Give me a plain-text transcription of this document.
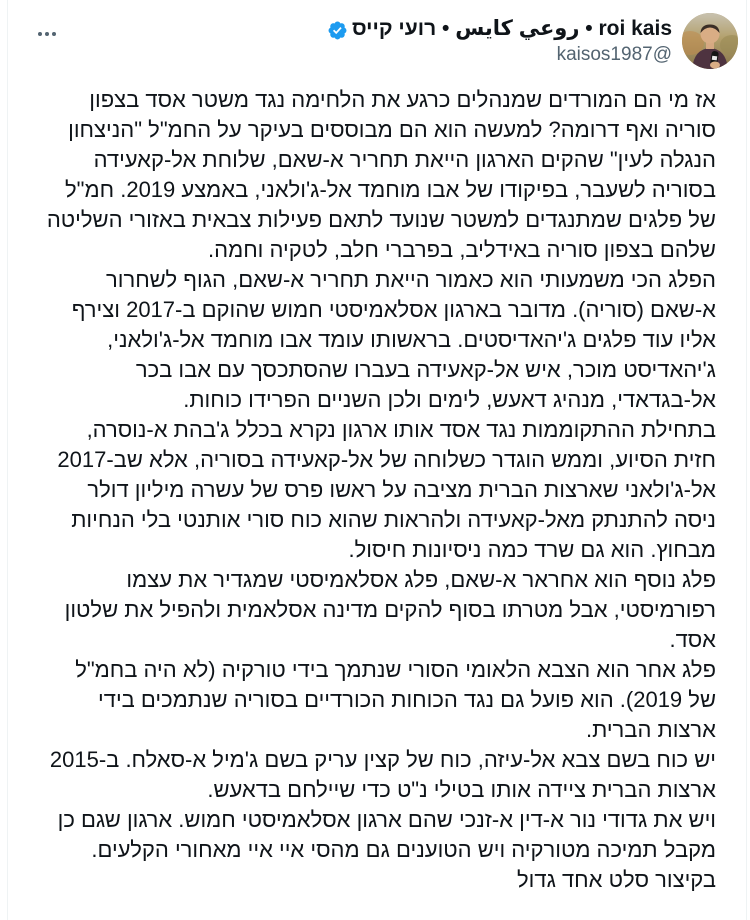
roi kais • روعي كايس • רועי קייס
@kaisos1987
אז מי הם המורדים שמנהלים כרגע את הלחימה נגד משטר אסד בצפון סוריה ואף דרומה? למעשה הוא הם מבוססים בעיקר על החמ"ל "הניצחון הנגלה לעין" שהקים הארגון הייאת תחריר א-שאם, שלוחת אל-קאעידה בסוריה לשעבר, בפיקודו של אבו מוחמד אל-ג'ולאני, באמצע 2019. חמ"ל של פלגים שמתנגדים למשטר שנועד לתאם פעילות צבאית באזורי השליטה שלהם בצפון סוריה באידליב, בפרברי חלב, לטקיה וחמה.
הפלג הכי משמעותי הוא כאמור הייאת תחריר א-שאם, הגוף לשחרור א-שאם (סוריה). מדובר בארגון אסלאמיסטי חמוש שהוקם ב-2017 וצירף אליו עוד פלגים ג'יהאדיסטים. בראשותו עומד אבו מוחמד אל-ג'ולאני, ג'יהאדיסט מוכר, איש אל-קאעידה בעברו שהסתכסך עם אבו בכר אל-בגדאדי, מנהיג דאעש, לימים ולכן השניים הפרידו כוחות.
בתחילת ההתקוממות נגד אסד אותו ארגון נקרא בכלל ג'בהת א-נוסרה, חזית הסיוע, וממש הוגדר כשלוחה של אל-קאעידה בסוריה, אלא שב-2017 אל-ג'ולאני שארצות הברית מציבה על ראשו פרס של עשרה מיליון דולר ניסה להתנתק מאל-קאעידה ולהראות שהוא כוח סורי אותנטי בלי הנחיות מבחוץ. הוא גם שרד כמה ניסיונות חיסול.
פלג נוסף הוא אחראר א-שאם, פלג אסלאמיסטי שמגדיר את עצמו רפורמיסטי, אבל מטרתו בסוף להקים מדינה אסלאמית ולהפיל את שלטון אסד.
פלג אחר הוא הצבא הלאומי הסורי שנתמך בידי טורקיה (לא היה בחמ"ל של 2019). הוא פועל גם נגד הכוחות הכורדיים בסוריה שנתמכים בידי ארצות הברית.
יש כוח בשם צבא אל-עיזה, כוח של קצין עריק בשם ג'מיל א-סאלח. ב-2015 ארצות הברית ציידה אותו בטילי נ"ט כדי שיילחם בדאעש.
ויש את גדודי נור א-דין א-זנכי שהם ארגון אסלאמיסטי חמוש. ארגון שגם כן מקבל תמיכה מטורקיה ויש הטוענים גם מהסי איי איי מאחורי הקלעים.
בקיצור סלט אחד גדול
